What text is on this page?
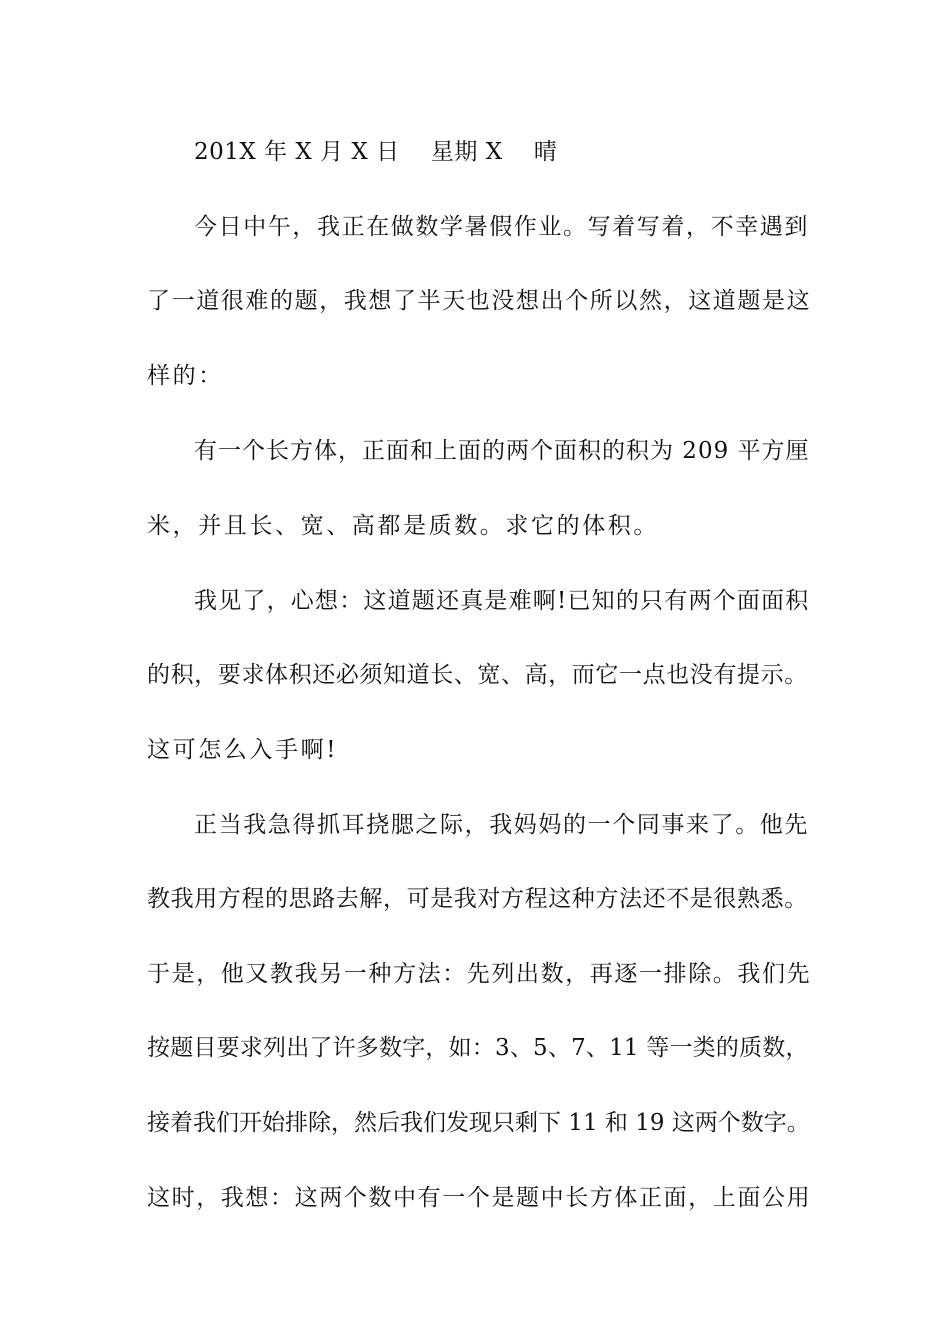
201X 年 X 月 X 日　 星期 X　 晴
今日中午，我正在做数学暑假作业。写着写着，不幸遇到
了一道很难的题，我想了半天也没想出个所以然，这道题是这
样的：
有一个长方体，正面和上面的两个面积的积为 209 平方厘
米，并且长、宽、高都是质数。求它的体积。
我见了，心想：这道题还真是难啊!已知的只有两个面面积
的积，要求体积还必须知道长、宽、高，而它一点也没有提示。
这可怎么入手啊!
正当我急得抓耳挠腮之际，我妈妈的一个同事来了。他先
教我用方程的思路去解，可是我对方程这种方法还不是很熟悉。
于是，他又教我另一种方法：先列出数，再逐一排除。我们先
按题目要求列出了许多数字，如：3、5、7、11 等一类的质数，
接着我们开始排除，然后我们发现只剩下 11 和 19 这两个数字。
这时，我想：这两个数中有一个是题中长方体正面，上面公用
